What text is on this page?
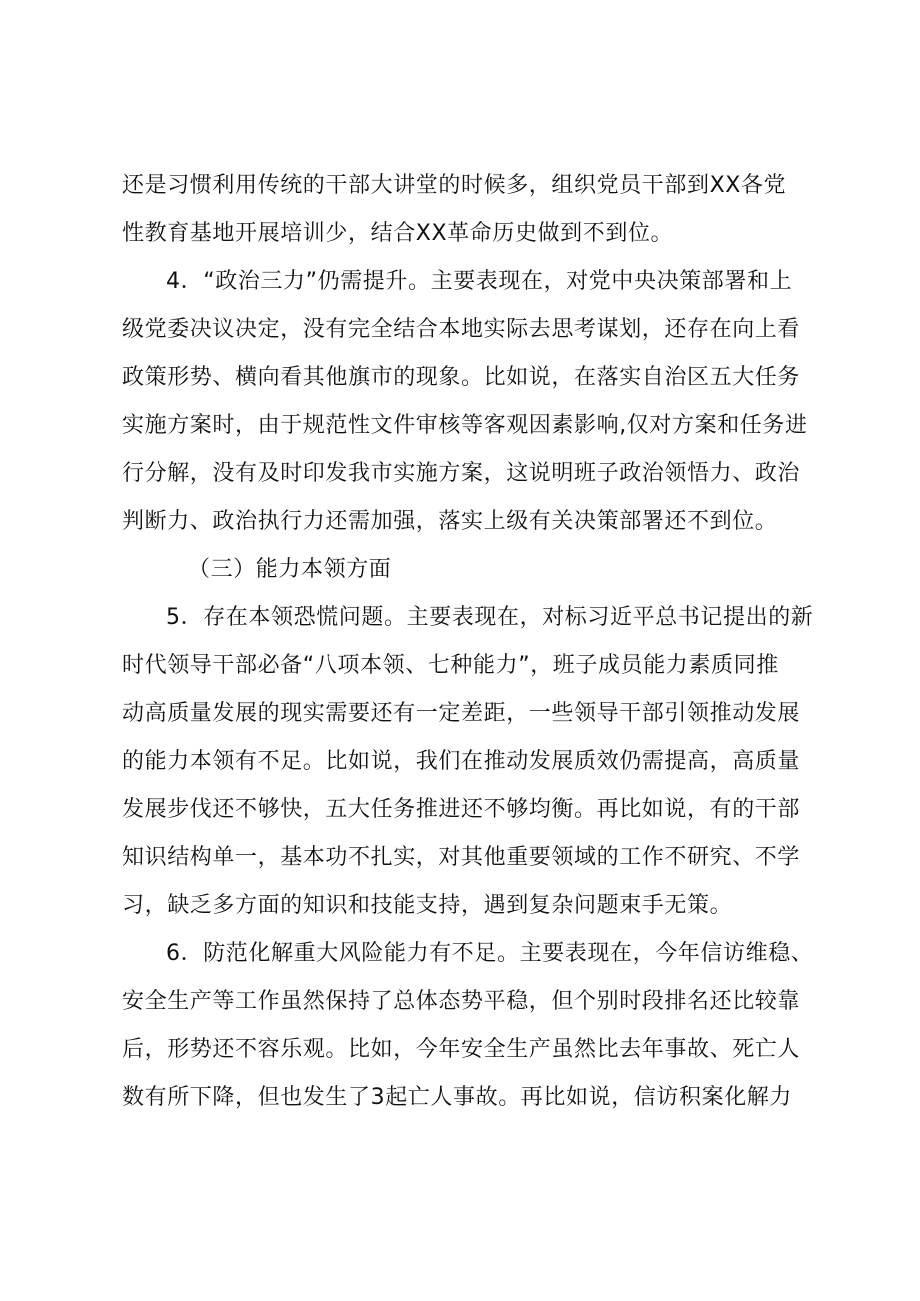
还是习惯利用传统的干部大讲堂的时候多，组织党员干部到XX各党
性教育基地开展培训少，结合XX革命历史做到不到位。
4．“政治三力”仍需提升。主要表现在，对党中央决策部署和上
级党委决议决定，没有完全结合本地实际去思考谋划，还存在向上看
政策形势、横向看其他旗市的现象。比如说，在落实自治区五大任务
实施方案时，由于规范性文件审核等客观因素影响,仅对方案和任务进
行分解，没有及时印发我市实施方案，这说明班子政治领悟力、政治
判断力、政治执行力还需加强，落实上级有关决策部署还不到位。
（三）能力本领方面
5．存在本领恐慌问题。主要表现在，对标习近平总书记提出的新
时代领导干部必备“八项本领、七种能力”，班子成员能力素质同推
动高质量发展的现实需要还有一定差距，一些领导干部引领推动发展
的能力本领有不足。比如说，我们在推动发展质效仍需提高，高质量
发展步伐还不够快，五大任务推进还不够均衡。再比如说，有的干部
知识结构单一，基本功不扎实，对其他重要领域的工作不研究、不学
习，缺乏多方面的知识和技能支持，遇到复杂问题束手无策。
6．防范化解重大风险能力有不足。主要表现在，今年信访维稳、
安全生产等工作虽然保持了总体态势平稳，但个别时段排名还比较靠
后，形势还不容乐观。比如，今年安全生产虽然比去年事故、死亡人
数有所下降，但也发生了3起亡人事故。再比如说，信访积案化解力
